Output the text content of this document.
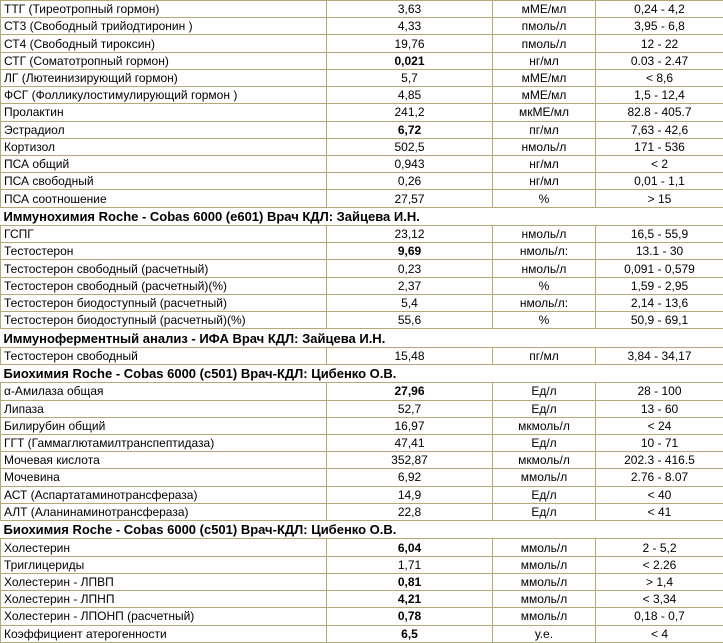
ТТГ (Тиреотропный гормон)	3,63	мМЕ/мл	0,24 - 4,2
СТ3 (Свободный трийодтиронин )	4,33	пмоль/л	3,95 - 6,8
СТ4 (Свободный тироксин)	19,76	пмоль/л	12 - 22
СТГ (Соматотропный гормон)	0,021	нг/мл	0.03 - 2.47
ЛГ (Лютеинизирующий гормон)	5,7	мМЕ/мл	< 8,6
ФСГ (Фолликулостимулирующий гормон )	4,85	мМЕ/мл	1,5 - 12,4
Пролактин	241,2	мкМЕ/мл	82.8 - 405.7
Эстрадиол	6,72	пг/мл	7,63 - 42,6
Кортизол	502,5	нмоль/л	171 - 536
ПСА общий	0,943	нг/мл	< 2
ПСА свободный	0,26	нг/мл	0,01 - 1,1
ПСА соотношение	27,57	%	> 15
Иммунохимия Roche - Cobas 6000 (e601) Врач КДЛ: Зайцева И.Н.			
ГСПГ	23,12	нмоль/л	16,5 - 55,9
Тестостерон	9,69	нмоль/л:	13.1 - 30
Тестостерон свободный (расчетный)	0,23	нмоль/л	0,091 - 0,579
Тестостерон свободный (расчетный)(%)	2,37	%	1,59 - 2,95
Тестостерон биодоступный (расчетный)	5,4	нмоль/л:	2,14 - 13,6
Тестостерон биодоступный (расчетный)(%)	55,6	%	50,9 - 69,1
Иммуноферментный анализ - ИФА Врач КДЛ: Зайцева И.Н.			
Тестостерон свободный	15,48	пг/мл	3,84 - 34,17
Биохимия Roche - Cobas 6000 (c501) Врач-КДЛ: Цибенко О.В.			
α-Амилаза общая	27,96	Ед/л	28 - 100
Липаза	52,7	Ед/л	13 - 60
Билирубин общий	16,97	мкмоль/л	< 24
ГГТ (Гаммаглютамилтранспептидаза)	47,41	Ед/л	10 - 71
Мочевая кислота	352,87	мкмоль/л	202.3 - 416.5
Мочевина	6,92	ммоль/л	2.76 - 8.07
АСТ (Аспартатаминотрансфераза)	14,9	Ед/л	< 40
АЛТ (Аланинаминотрансфераза)	22,8	Ед/л	< 41
Биохимия Roche - Cobas 6000 (c501) Врач-КДЛ: Цибенко О.В.			
Холестерин	6,04	ммоль/л	2 - 5,2
Триглицериды	1,71	ммоль/л	< 2.26
Холестерин - ЛПВП	0,81	ммоль/л	> 1,4
Холестерин - ЛПНП	4,21	ммоль/л	< 3,34
Холестерин - ЛПОНП (расчетный)	0,78	ммоль/л	0,18 - 0,7
Коэффициент атерогенности	6,5	у.е.	< 4
